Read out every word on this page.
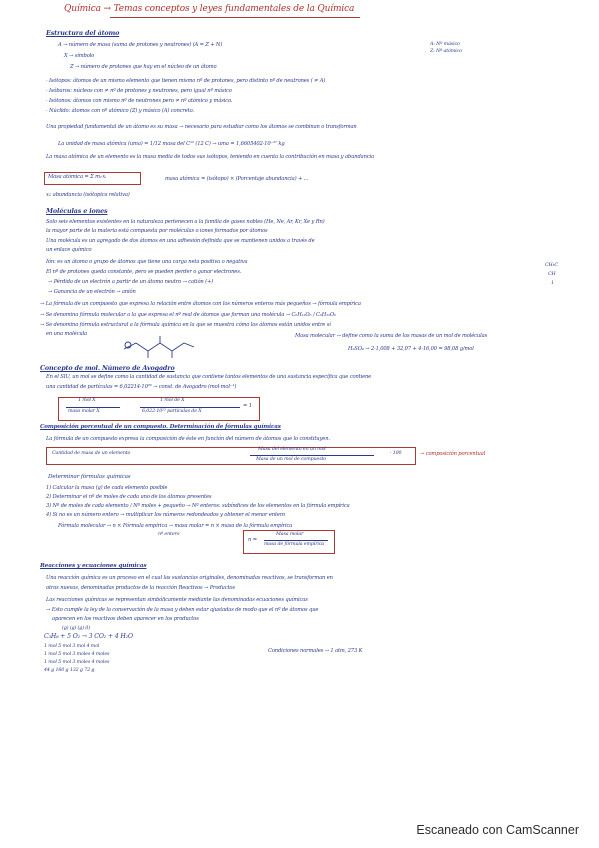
Química → Temas conceptos y leyes fundamentales de la Química
Estructura del átomo
A → número de masa (suma de protones y neutrones) (A = Z + N)	A: Nº másico
Z: Nº atómico
X → símbolo
Z → número de protones que hay en el núcleo de un átomo
· Isótopos: átomos de un mismo elemento que tienen mismo nº de protones, pero distinto nº de neutrones ( ≠ A)
· Isóbaros: núcleos con ≠ nº de protones y neutrones, pero igual nº másico
· Isótonos: átomos con mismo nº de neutrones pero ≠ nº atómico y másico.
· Núclido: átomos con nº atómico (Z) y másico (A) concreto.
Una propiedad fundamental de un átomo es su masa → necesario para estudiar como los átomos se combinan o transforman
La unidad de masa atómica (uma) = 1/12 masa del C¹² (12 C) → uma = 1,6605402·10⁻²⁷ kg
La masa atómica de un elemento es la masa media de todos sus isótopos, teniendo en cuenta la contribución en masa y abundancia
Masa atómica = Σ mᵢ·xᵢ	masa atómica = (isótopo) × (Porcentaje abundancia) + ...
xᵢ: abundancia (isótopica relativa)
Moléculas e iones
Solo seis elementos existentes en la naturaleza pertenecen a la familia de gases nobles (He, Ne, Ar, Kr, Xe y Rn)
la mayor parte de la materia está compuesta por moléculas o iones formados por átomos
Una molécula es un agregado de dos átomos en una adhesión definida que se mantienen unidos a través de
un enlace químico
Ión: es un átomo o grupo de átomos que tiene una carga neta positiva o negativa
El nº de protones queda constante, pero se pueden perder o ganar electrones.
→ Pérdida de un electrón a partir de un átomo neutro → catión (+)
→ Ganancia de un electrón → anión
CH₃C
CH
1
→ La fórmula de un compuesto que expresa la relación entre átomos con los números enteros más pequeños → fórmula empírica
→ Se denomina fórmula molecular a la que expresa el nº real de átomos que forman una molécula → C₆H₁₂O₆ / C₆H₁₂O₆
→ Se denomina fórmula estructural a la fórmula química en la que se muestra cómo los átomos están unidos entre sí
en una molécula	Masa molecular → define como la suma de las masas de un mol de moléculas
H₂SO₄ → 2·1,008 + 32,07 + 4·16,00 = 98,08 g/mol
Concepto de mol. Número de Avogadro
En el SIU, un mol se define como la cantidad de sustancia que contiene tantos elementos de una sustancia específica que contiene
una cantidad de partículas = 6,02214·10²³ → const. de Avogadro (mol·mol⁻¹)
1 mol X
masa molar X
1 mol de X
6,022·10²³ partículas de X
= 1
Composición porcentual de un compuesto. Determinación de fórmulas químicas
La fórmula de un compuesto expresa la composición de éste en función del número de átomos que lo constituyen.
Cantidad de masa de un elemento
Masa del elemento en un mol
Masa de un mol de compuesto
· 100	→ composición porcentual
Determinar fórmulas químicas
1) Calcular la masa (g) de cada elemento posible
2) Determinar el nº de moles de cada uno de los átomos presentes
3) Nº de moles de cada elemento / Nº moles + pequeño → Nº enteros: subíndices de los elementos en la fórmula empírica
4) Si no es un número entero → multiplicar los números redondeados y obtener el menor entero
Fórmula molecular → n × Fórmula empírica → masa molar = n × masa de la fórmula empírica
nº entero
n =
Masa molar
masa de fórmula empírica
Reacciones y ecuaciones químicas
Una reacción química es un proceso en el cual las sustancias originales, denominadas reactivos, se transforman en
otras nuevas, denominadas productos de la reacción Reactivos → Productos
Las reacciones químicas se representan simbólicamente mediante las denominadas ecuaciones químicas
→ Esto cumple la ley de la conservación de la masa y deben estar ajustadas de modo que el nº de átomos que
aparecen en los reactivos deben aparecer en los productos
(g) (g) (g) (l)
C₃H₈ + 5 O₂ → 3 CO₂ + 4 H₂O
1 mol 5 mol 3 mol 4 mol
1 mol 5 mol 3 moles 4 moles
1 mol 5 mol 3 moles 4 moles
44 g 160 g 132 g 72 g
Condiciones normales → 1 atm, 273 K
Escaneado con CamScanner
